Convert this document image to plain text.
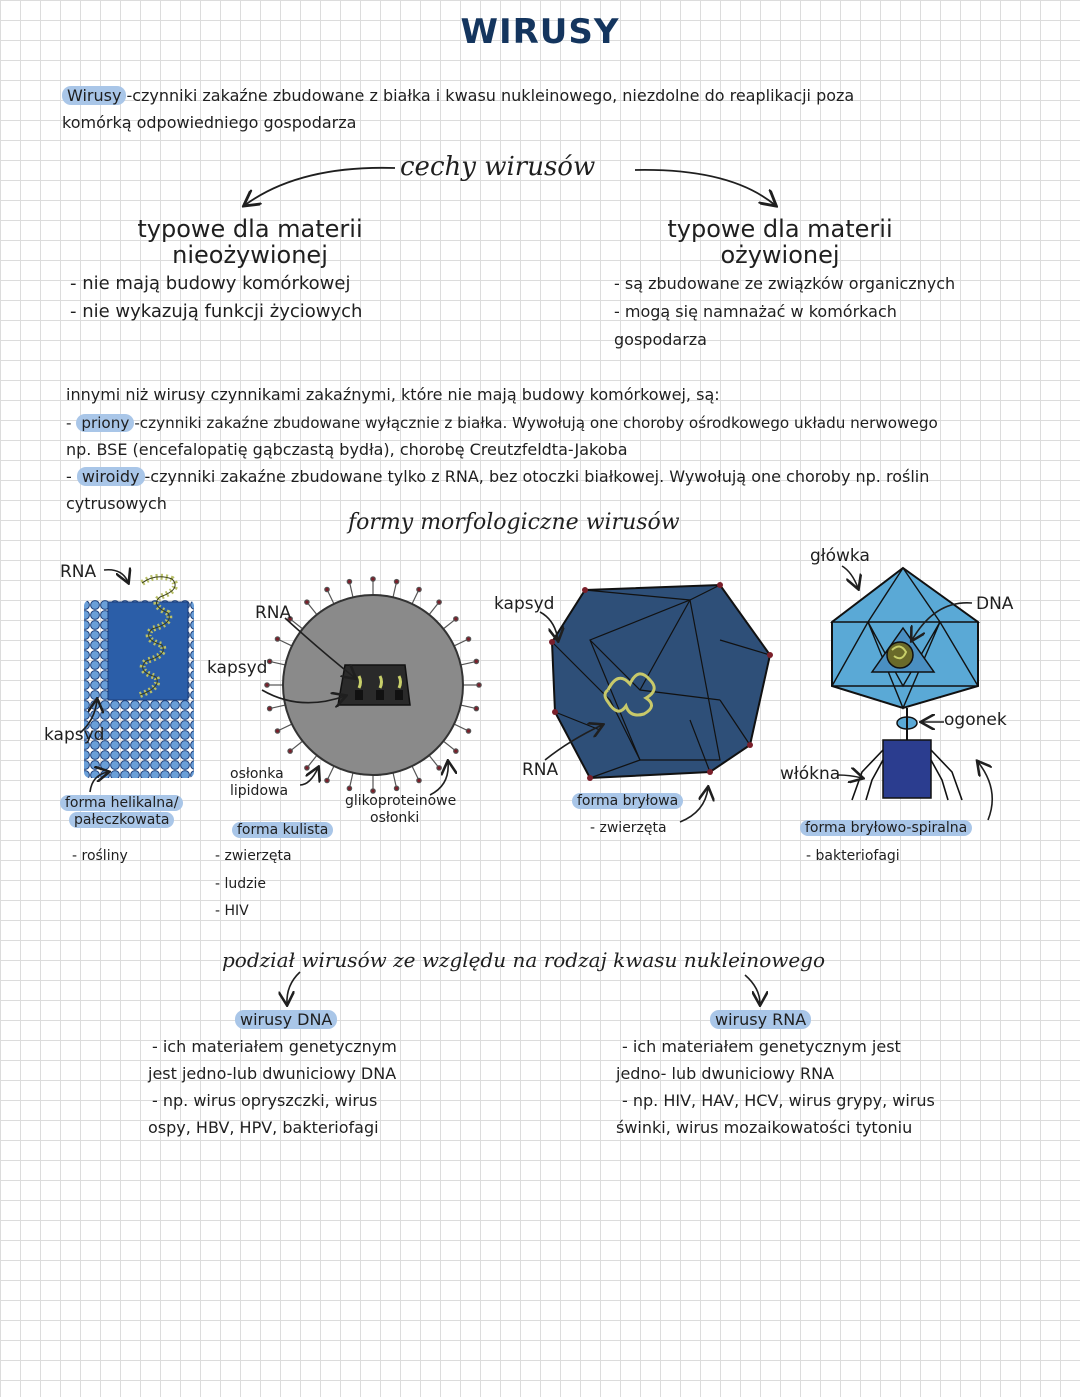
WIRUSY
Wirusy -czynniki zakaźne zbudowane z białka i kwasu nukleinowego, niezdolne do reaplikacji poza
komórką odpowiedniego gospodarza
cechy wirusów
typowe dla materii
nieożywionej
- nie mają budowy komórkowej
- nie wykazują funkcji życiowych
typowe dla materii
ożywionej
- są zbudowane ze związków organicznych
- mogą się namnażać w komórkach
gospodarza
innymi niż wirusy czynnikami zakaźnymi, które nie mają budowy komórkowej, są:
- priony -czynniki zakaźne zbudowane wyłącznie z białka. Wywołują one choroby ośrodkowego układu nerwowego
np. BSE (encefalopatię gąbczastą bydła), chorobę Creutzfeldta-Jakoba
- wiroidy -czynniki zakaźne zbudowane tylko z RNA, bez otoczki białkowej. Wywołują one choroby np. roślin
cytrusowych
formy morfologiczne wirusów
RNA
kapsyd
forma helikalna/
pałeczkowata
- rośliny
RNA
kapsyd
osłonka
lipidowa
glikoproteinowe
osłonki
forma kulista
- zwierzęta
- ludzie
- HIV
kapsyd
RNA
forma bryłowa
- zwierzęta
główka
DNA
ogonek
włókna
forma bryłowo-spiralna
- bakteriofagi
podział wirusów ze względu na rodzaj kwasu nukleinowego
wirusy DNA
- ich materiałem genetycznym
jest jedno-lub dwuniciowy DNA
- np. wirus opryszczki, wirus
ospy, HBV, HPV, bakteriofagi
wirusy RNA
- ich materiałem genetycznym jest
jedno- lub dwuniciowy RNA
- np. HIV, HAV, HCV, wirus grypy, wirus
świnki, wirus mozaikowatości tytoniu
